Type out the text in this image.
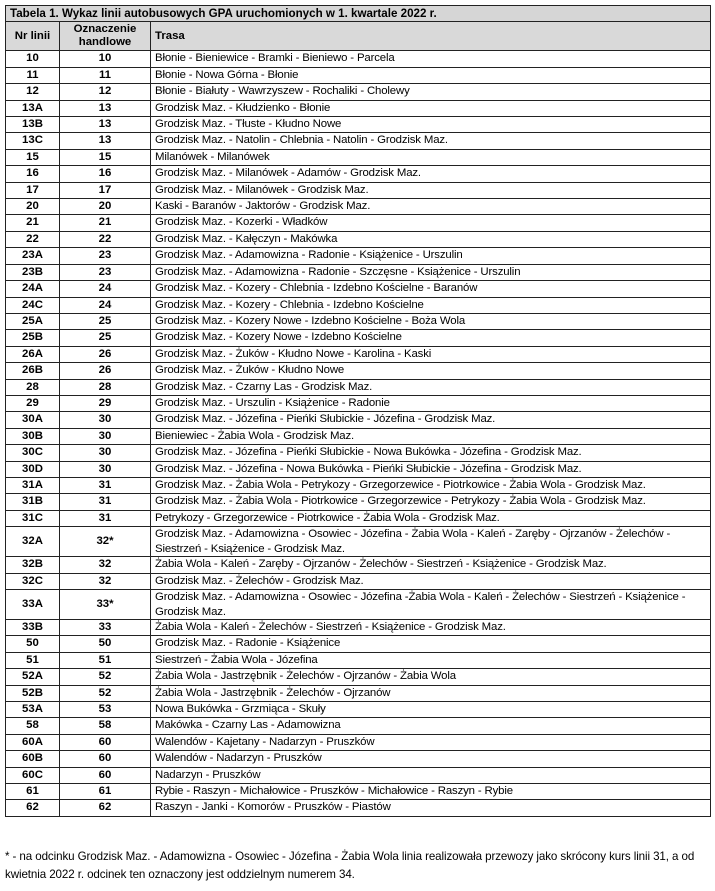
Tabela 1. Wykaz linii autobusowych GPA uruchomionych w 1. kwartale 2022 r.		
Nr linii	Oznaczenie handlowe	Trasa
10	10	Błonie - Bieniewice - Bramki - Bieniewo - Parcela
11	11	Błonie - Nowa Górna - Błonie
12	12	Błonie - Białuty - Wawrzyszew - Rochaliki - Cholewy
13A	13	Grodzisk Maz. - Kłudzienko - Błonie
13B	13	Grodzisk Maz. - Tłuste - Kłudno Nowe
13C	13	Grodzisk Maz. - Natolin - Chlebnia - Natolin - Grodzisk Maz.
15	15	Milanówek - Milanówek
16	16	Grodzisk Maz. - Milanówek - Adamów - Grodzisk Maz.
17	17	Grodzisk Maz. - Milanówek - Grodzisk Maz.
20	20	Kaski - Baranów - Jaktorów - Grodzisk Maz.
21	21	Grodzisk Maz. - Kozerki - Władków
22	22	Grodzisk Maz. - Kałęczyn - Makówka
23A	23	Grodzisk Maz. - Adamowizna - Radonie - Książenice - Urszulin
23B	23	Grodzisk Maz. - Adamowizna - Radonie - Szczęsne - Książenice - Urszulin
24A	24	Grodzisk Maz. - Kozery - Chlebnia - Izdebno Kościelne - Baranów
24C	24	Grodzisk Maz. - Kozery - Chlebnia - Izdebno Kościelne
25A	25	Grodzisk Maz. - Kozery Nowe - Izdebno Kościelne - Boża Wola
25B	25	Grodzisk Maz. - Kozery Nowe - Izdebno Kościelne
26A	26	Grodzisk Maz. - Żuków - Kłudno Nowe - Karolina - Kaski
26B	26	Grodzisk Maz. - Żuków - Kłudno Nowe
28	28	Grodzisk Maz. - Czarny Las - Grodzisk Maz.
29	29	Grodzisk Maz. - Urszulin - Książenice - Radonie
30A	30	Grodzisk Maz. - Józefina - Pieńki Słubickie - Józefina - Grodzisk Maz.
30B	30	Bieniewiec - Żabia Wola - Grodzisk Maz.
30C	30	Grodzisk Maz. - Józefina - Pieńki Słubickie - Nowa Bukówka - Józefina - Grodzisk Maz.
30D	30	Grodzisk Maz. - Józefina - Nowa Bukówka - Pieńki Słubickie - Józefina - Grodzisk Maz.
31A	31	Grodzisk Maz. - Żabia Wola - Petrykozy - Grzegorzewice - Piotrkowice - Żabia Wola - Grodzisk Maz.
31B	31	Grodzisk Maz. - Żabia Wola - Piotrkowice - Grzegorzewice - Petrykozy - Żabia Wola - Grodzisk Maz.
31C	31	Petrykozy - Grzegorzewice - Piotrkowice - Żabia Wola - Grodzisk Maz.
32A	32*	Grodzisk Maz. - Adamowizna - Osowiec - Józefina - Żabia Wola - Kaleń - Zaręby - Ojrzanów - Żelechów - Siestrzeń - Książenice - Grodzisk Maz.
32B	32	Żabia Wola - Kaleń - Zaręby - Ojrzanów - Żelechów - Siestrzeń - Książenice - Grodzisk Maz.
32C	32	Grodzisk Maz. - Żelechów - Grodzisk Maz.
33A	33*	Grodzisk Maz. - Adamowizna - Osowiec - Józefina -Żabia Wola - Kaleń - Żelechów - Siestrzeń - Książenice - Grodzisk Maz.
33B	33	Żabia Wola - Kaleń - Żelechów - Siestrzeń - Książenice - Grodzisk Maz.
50	50	Grodzisk Maz. - Radonie - Książenice
51	51	Siestrzeń - Żabia Wola - Józefina
52A	52	Żabia Wola - Jastrzębnik - Żelechów - Ojrzanów - Żabia Wola
52B	52	Żabia Wola - Jastrzębnik - Żelechów - Ojrzanów
53A	53	Nowa Bukówka - Grzmiąca - Skuły
58	58	Makówka - Czarny Las - Adamowizna
60A	60	Walendów - Kajetany - Nadarzyn - Pruszków
60B	60	Walendów - Nadarzyn - Pruszków
60C	60	Nadarzyn - Pruszków
61	61	Rybie - Raszyn - Michałowice - Pruszków - Michałowice - Raszyn - Rybie
62	62	Raszyn - Janki - Komorów - Pruszków - Piastów
* - na odcinku Grodzisk Maz. - Adamowizna - Osowiec - Józefina - Żabia Wola linia realizowała przewozy jako skrócony kurs linii 31, a od kwietnia 2022 r. odcinek ten oznaczony jest oddzielnym numerem 34.
